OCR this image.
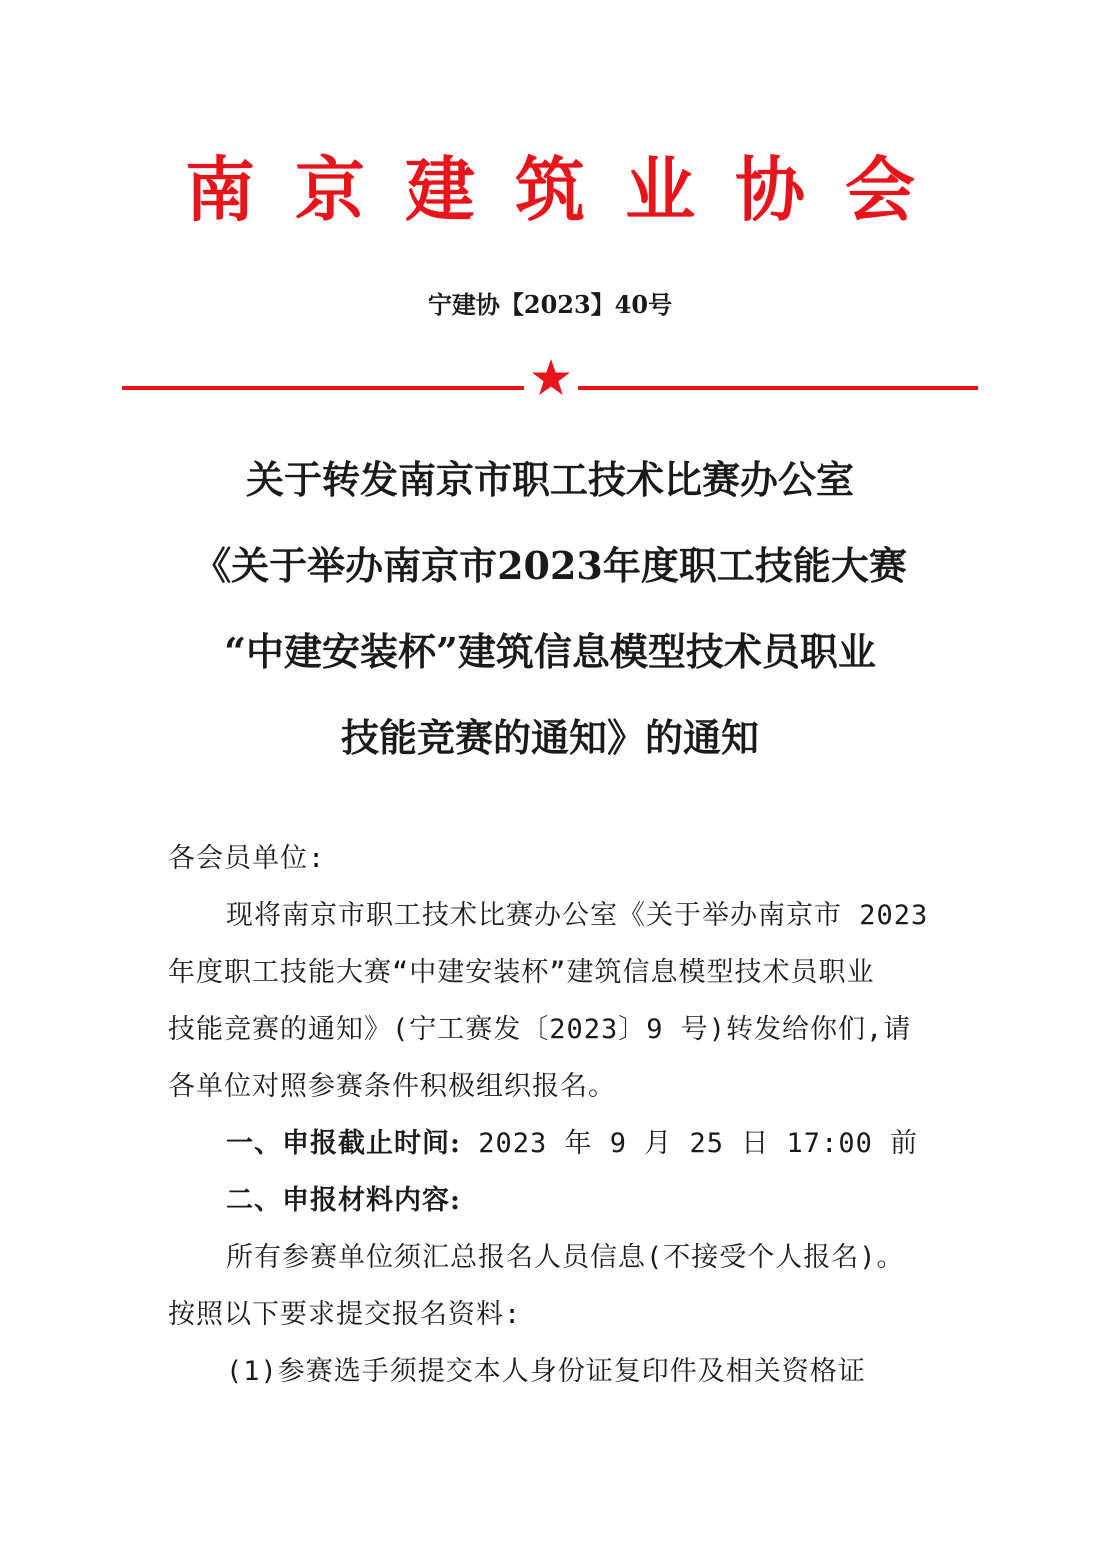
南京建筑业协会
宁建协【2023】40号
关于转发南京市职工技术比赛办公室
《关于举办南京市2023年度职工技能大赛
“中建安装杯”建筑信息模型技术员职业
技能竞赛的通知》的通知

各会员单位:

现将南京市职工技术比赛办公室《关于举办南京市 2023

年度职工技能大赛“中建安装杯”建筑信息模型技术员职业

技能竞赛的通知》(宁工赛发〔2023〕9 号)转发给你们,请

各单位对照参赛条件积极组织报名。

一、申报截止时间: 2023 年 9 月 25 日 17:00 前

二、申报材料内容:

所有参赛单位须汇总报名人员信息(不接受个人报名)。

按照以下要求提交报名资料:

(1)参赛选手须提交本人身份证复印件及相关资格证
